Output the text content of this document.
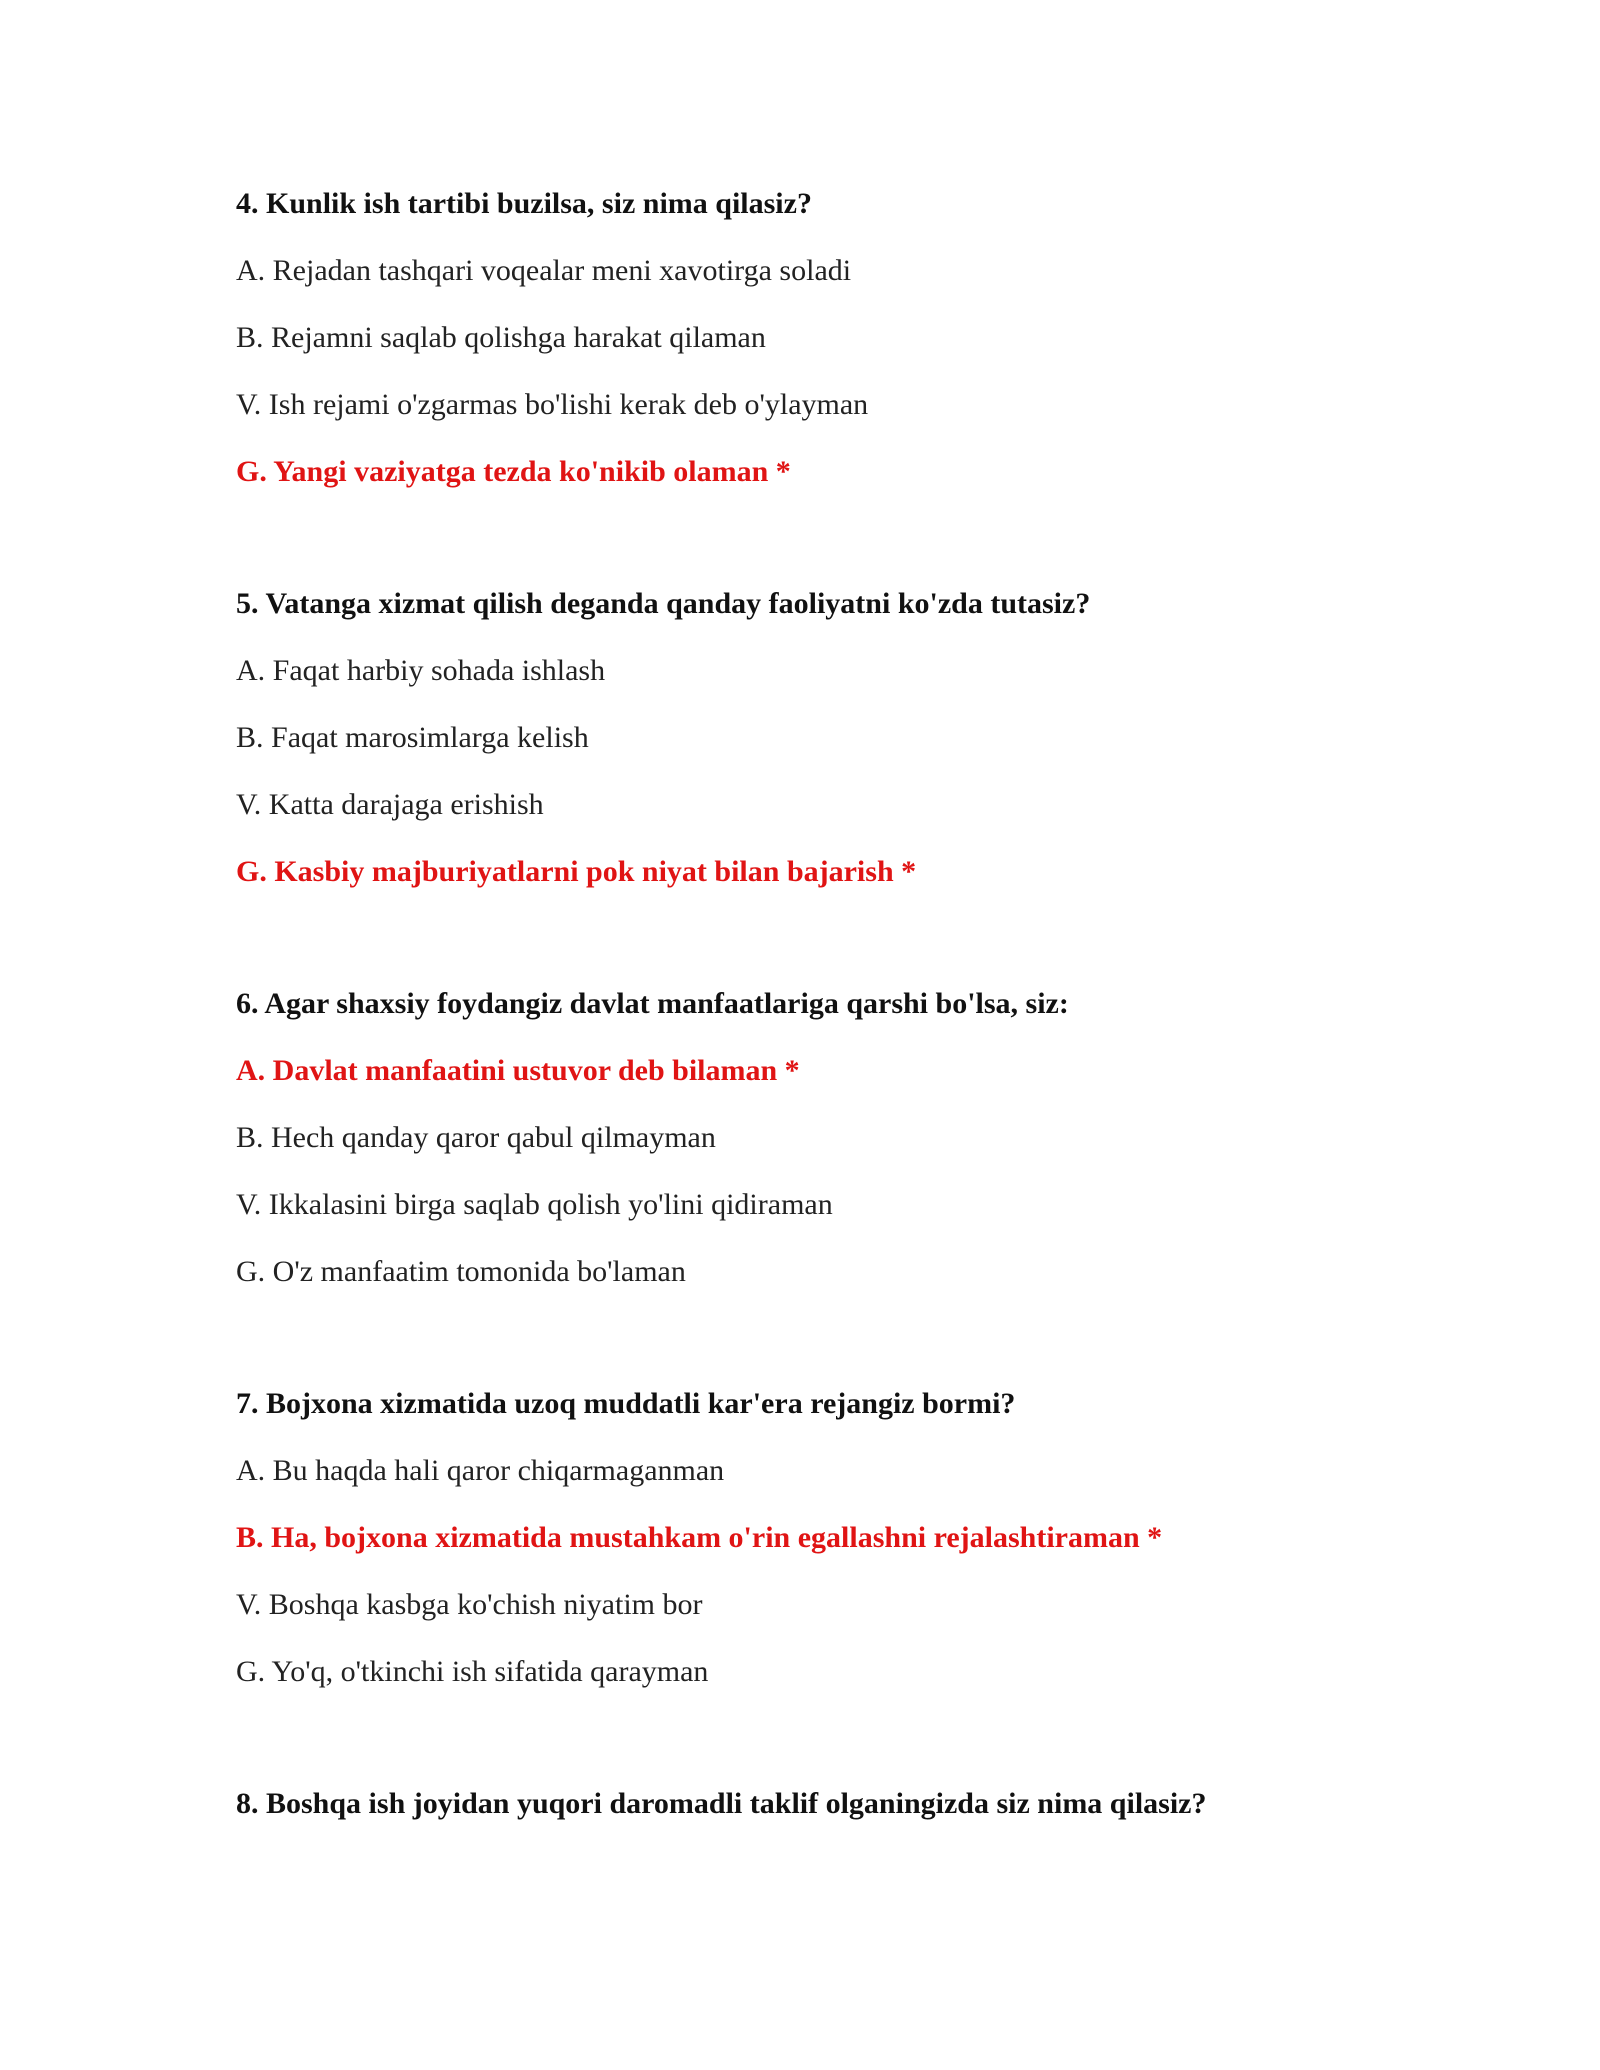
4. Kunlik ish tartibi buzilsa, siz nima qilasiz?
A. Rejadan tashqari voqealar meni xavotirga soladi
B. Rejamni saqlab qolishga harakat qilaman
V. Ish rejami o'zgarmas bo'lishi kerak deb o'ylayman
G. Yangi vaziyatga tezda ko'nikib olaman *
5. Vatanga xizmat qilish deganda qanday faoliyatni ko'zda tutasiz?
A. Faqat harbiy sohada ishlash
B. Faqat marosimlarga kelish
V. Katta darajaga erishish
G. Kasbiy majburiyatlarni pok niyat bilan bajarish *
6. Agar shaxsiy foydangiz davlat manfaatlariga qarshi bo'lsa, siz:
A. Davlat manfaatini ustuvor deb bilaman *
B. Hech qanday qaror qabul qilmayman
V. Ikkalasini birga saqlab qolish yo'lini qidiraman
G. O'z manfaatim tomonida bo'laman
7. Bojxona xizmatida uzoq muddatli kar'era rejangiz bormi?
A. Bu haqda hali qaror chiqarmaganman
B. Ha, bojxona xizmatida mustahkam o'rin egallashni rejalashtiraman *
V. Boshqa kasbga ko'chish niyatim bor
G. Yo'q, o'tkinchi ish sifatida qarayman
8. Boshqa ish joyidan yuqori daromadli taklif olganingizda siz nima qilasiz?
